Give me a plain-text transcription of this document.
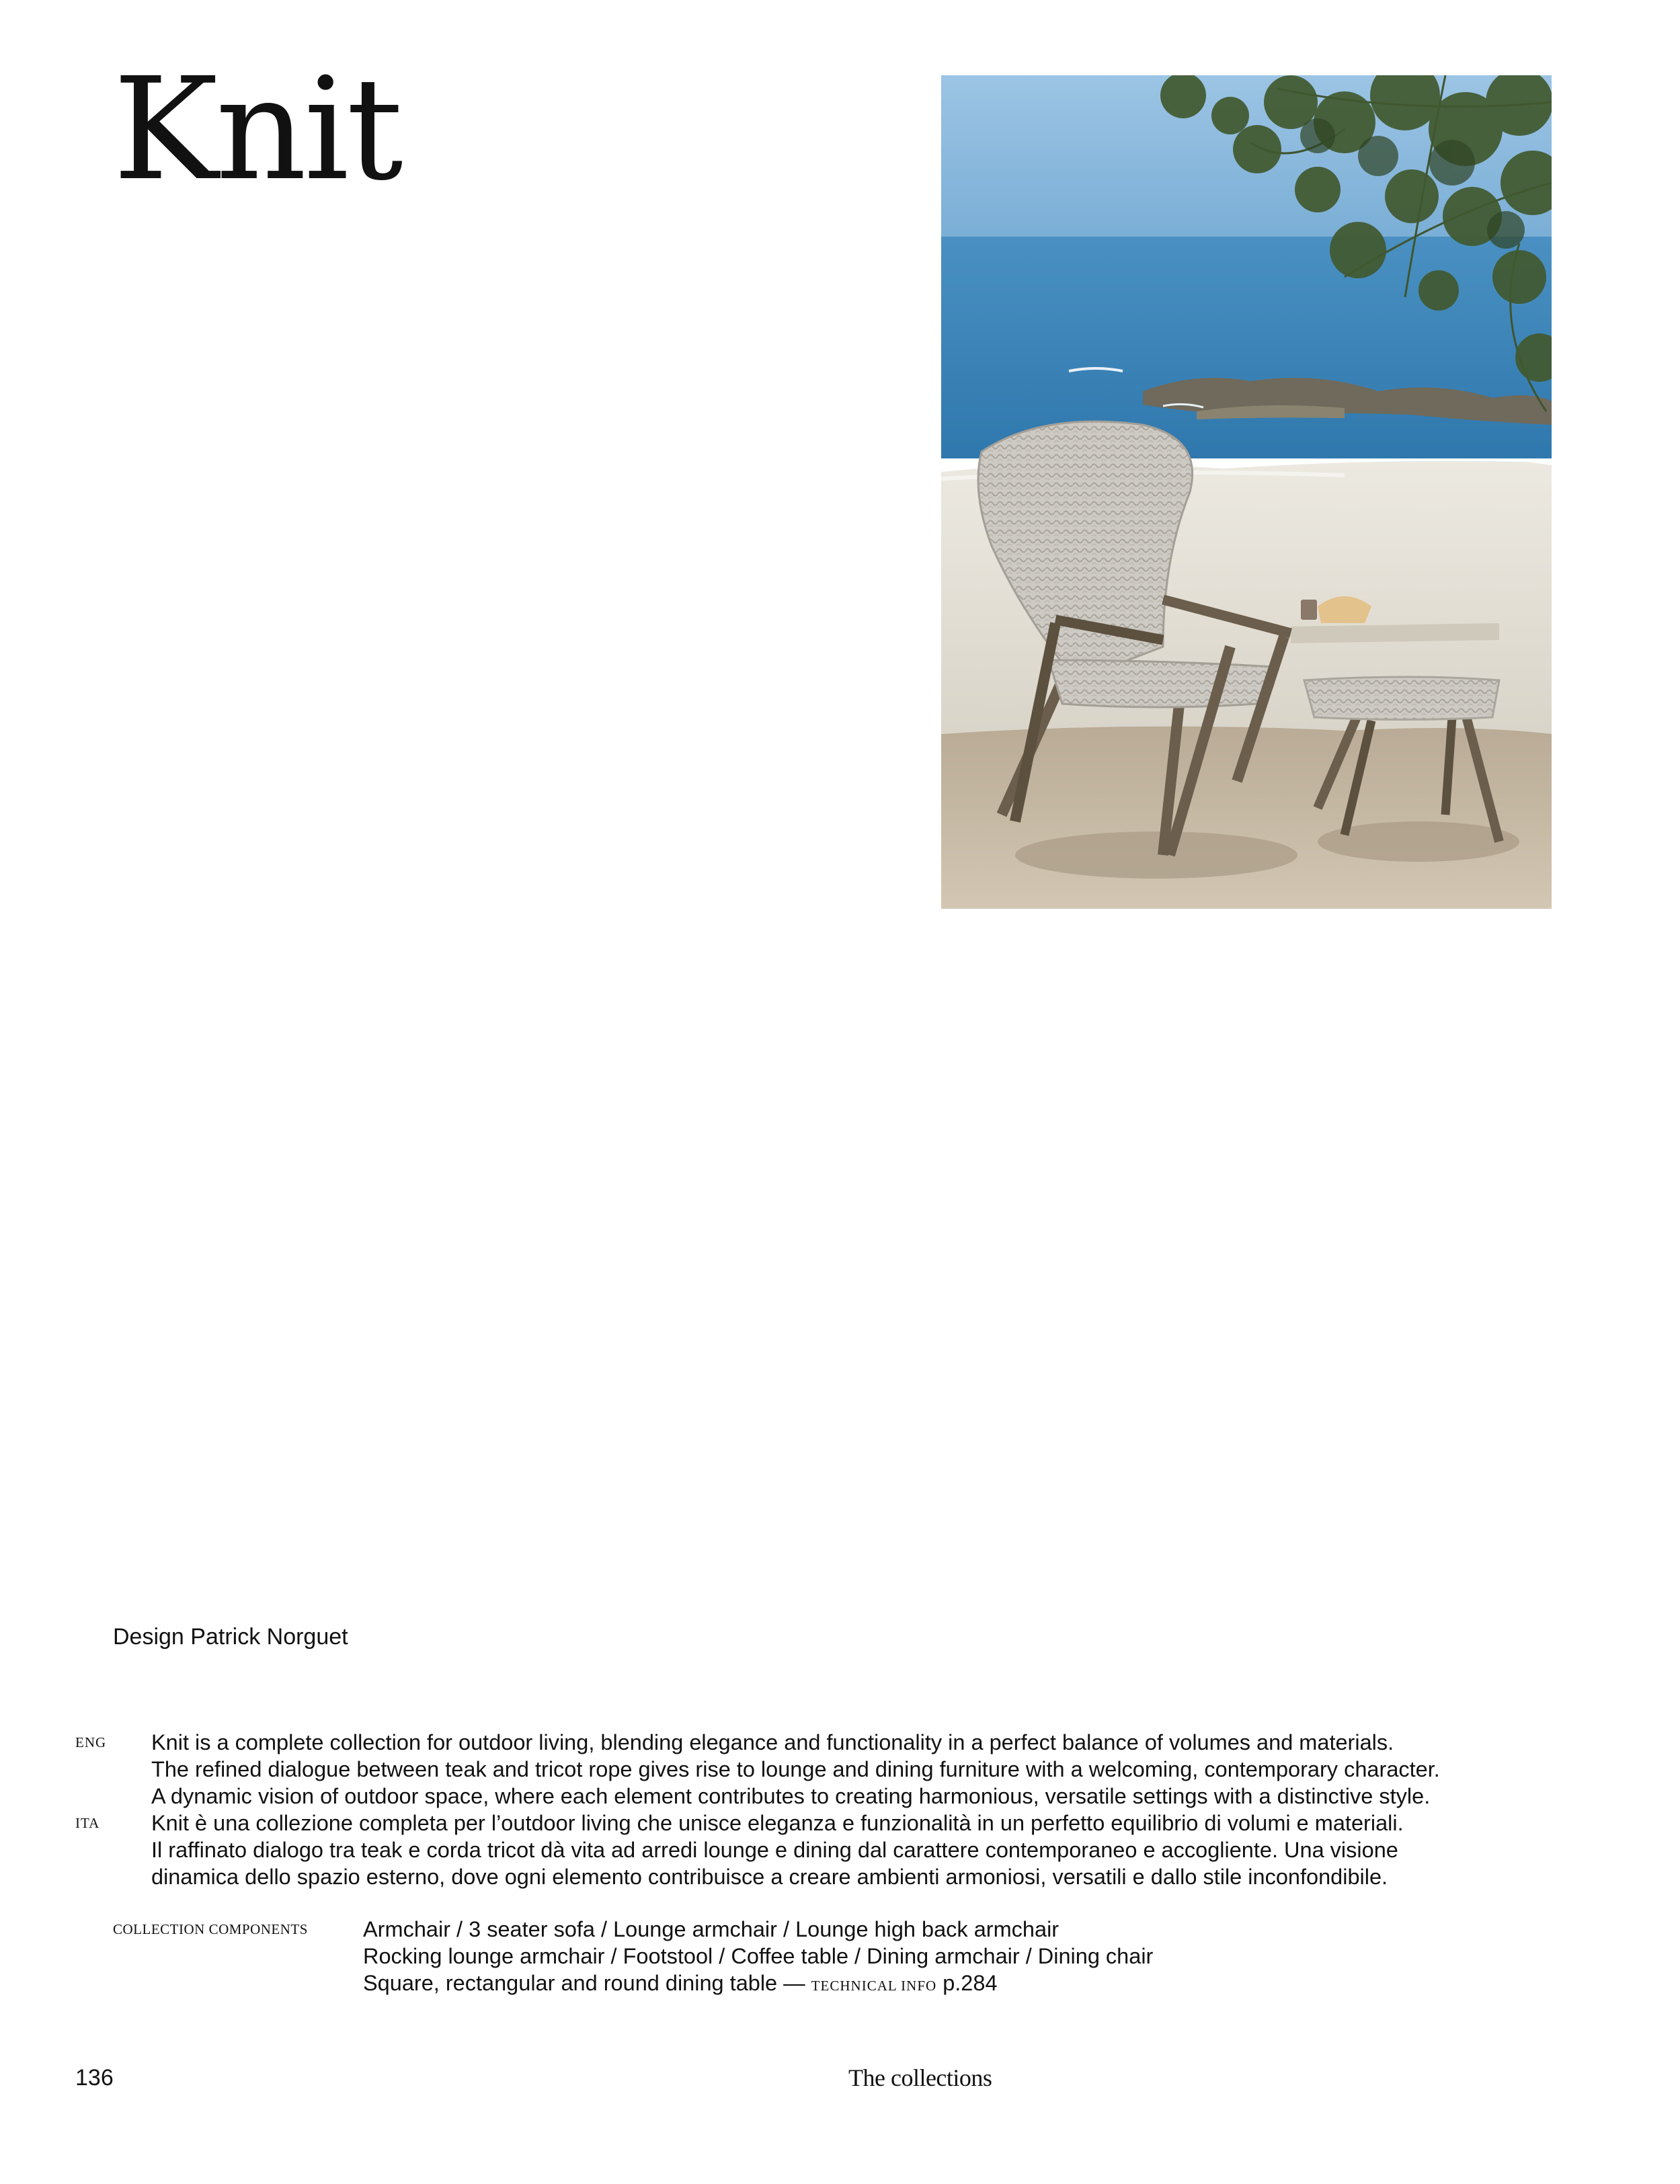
Knit

Design Patrick Norguet

ENG
ITA
Knit is a complete collection for outdoor living, blending elegance and functionality in a perfect balance of volumes and materials.
The refined dialogue between teak and tricot rope gives rise to lounge and dining furniture with a welcoming, contemporary character.
A dynamic vision of outdoor space, where each element contributes to creating harmonious, versatile settings with a distinctive style.
Knit è una collezione completa per l’outdoor living che unisce eleganza e funzionalità in un perfetto equilibrio di volumi e materiali.
Il raffinato dialogo tra teak e corda tricot dà vita ad arredi lounge e dining dal carattere contemporaneo e accogliente. Una visione
dinamica dello spazio esterno, dove ogni elemento contribuisce a creare ambienti armoniosi, versatili e dallo stile inconfondibile.
COLLECTION COMPONENTS	Armchair / 3 seater sofa / Lounge armchair / Lounge high back armchair
Rocking lounge armchair / Footstool / Coffee table / Dining armchair / Dining chair
Square, rectangular and round dining table — TECHNICAL INFO p.284
136	The collections
